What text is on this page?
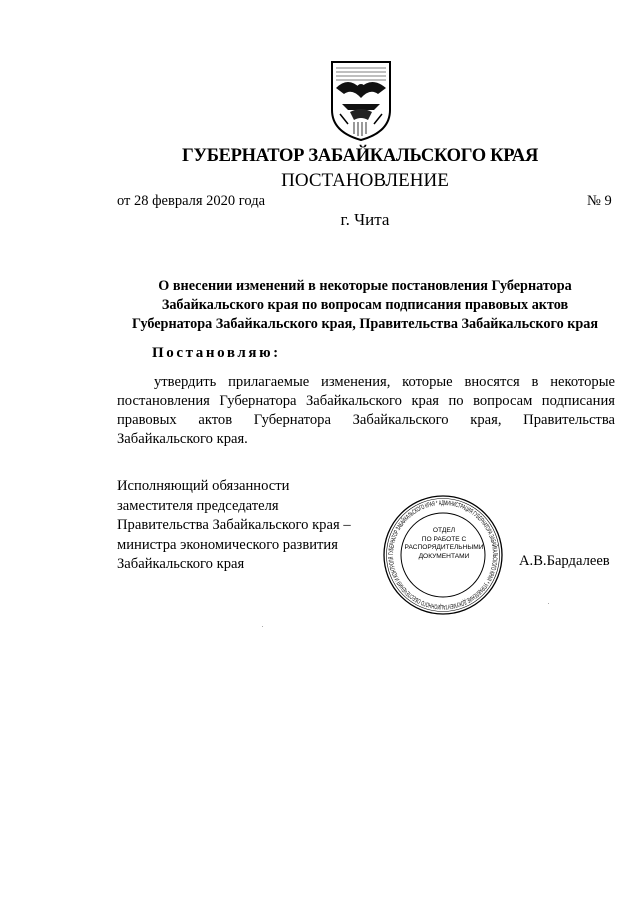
ГУБЕРНАТОР ЗАБАЙКАЛЬСКОГО КРАЯ
ПОСТАНОВЛЕНИЕ
от 28 февраля 2020 года	№ 9
г. Чита
О внесении изменений в некоторые постановления Губернатора
Забайкальского края по вопросам подписания правовых актов
Губернатора Забайкальского края, Правительства Забайкальского края
Постановляю:
утвердить прилагаемые изменения, которые вносятся в некоторые постановления Губернатора Забайкальского края по вопросам подписания правовых актов Губернатора Забайкальского края, Правительства Забайкальского края.
Исполняющий обязанности
заместителя председателя
Правительства Забайкальского края –
министра экономического развития
Забайкальского края
ГУБЕРНАТОР ЗАБАЙКАЛЬСКОГО КРАЯ * АДМИНИСТРАЦИЯ ГУБЕРНАТОРА ЗАБАЙКАЛЬСКОГО КРАЯ * УПРАВЛЕНИЕ ДОКУМ НТАЦИОННОГО ОБЕСПЕЧЕНИЯ И КОНТРОЛЯ
ОТДЕЛ
ПО РАБОТЕ С
РАСПОРЯДИТЕЛЬНЫМИ
ДОКУМЕНТАМИ	А.В.Бардалеев
